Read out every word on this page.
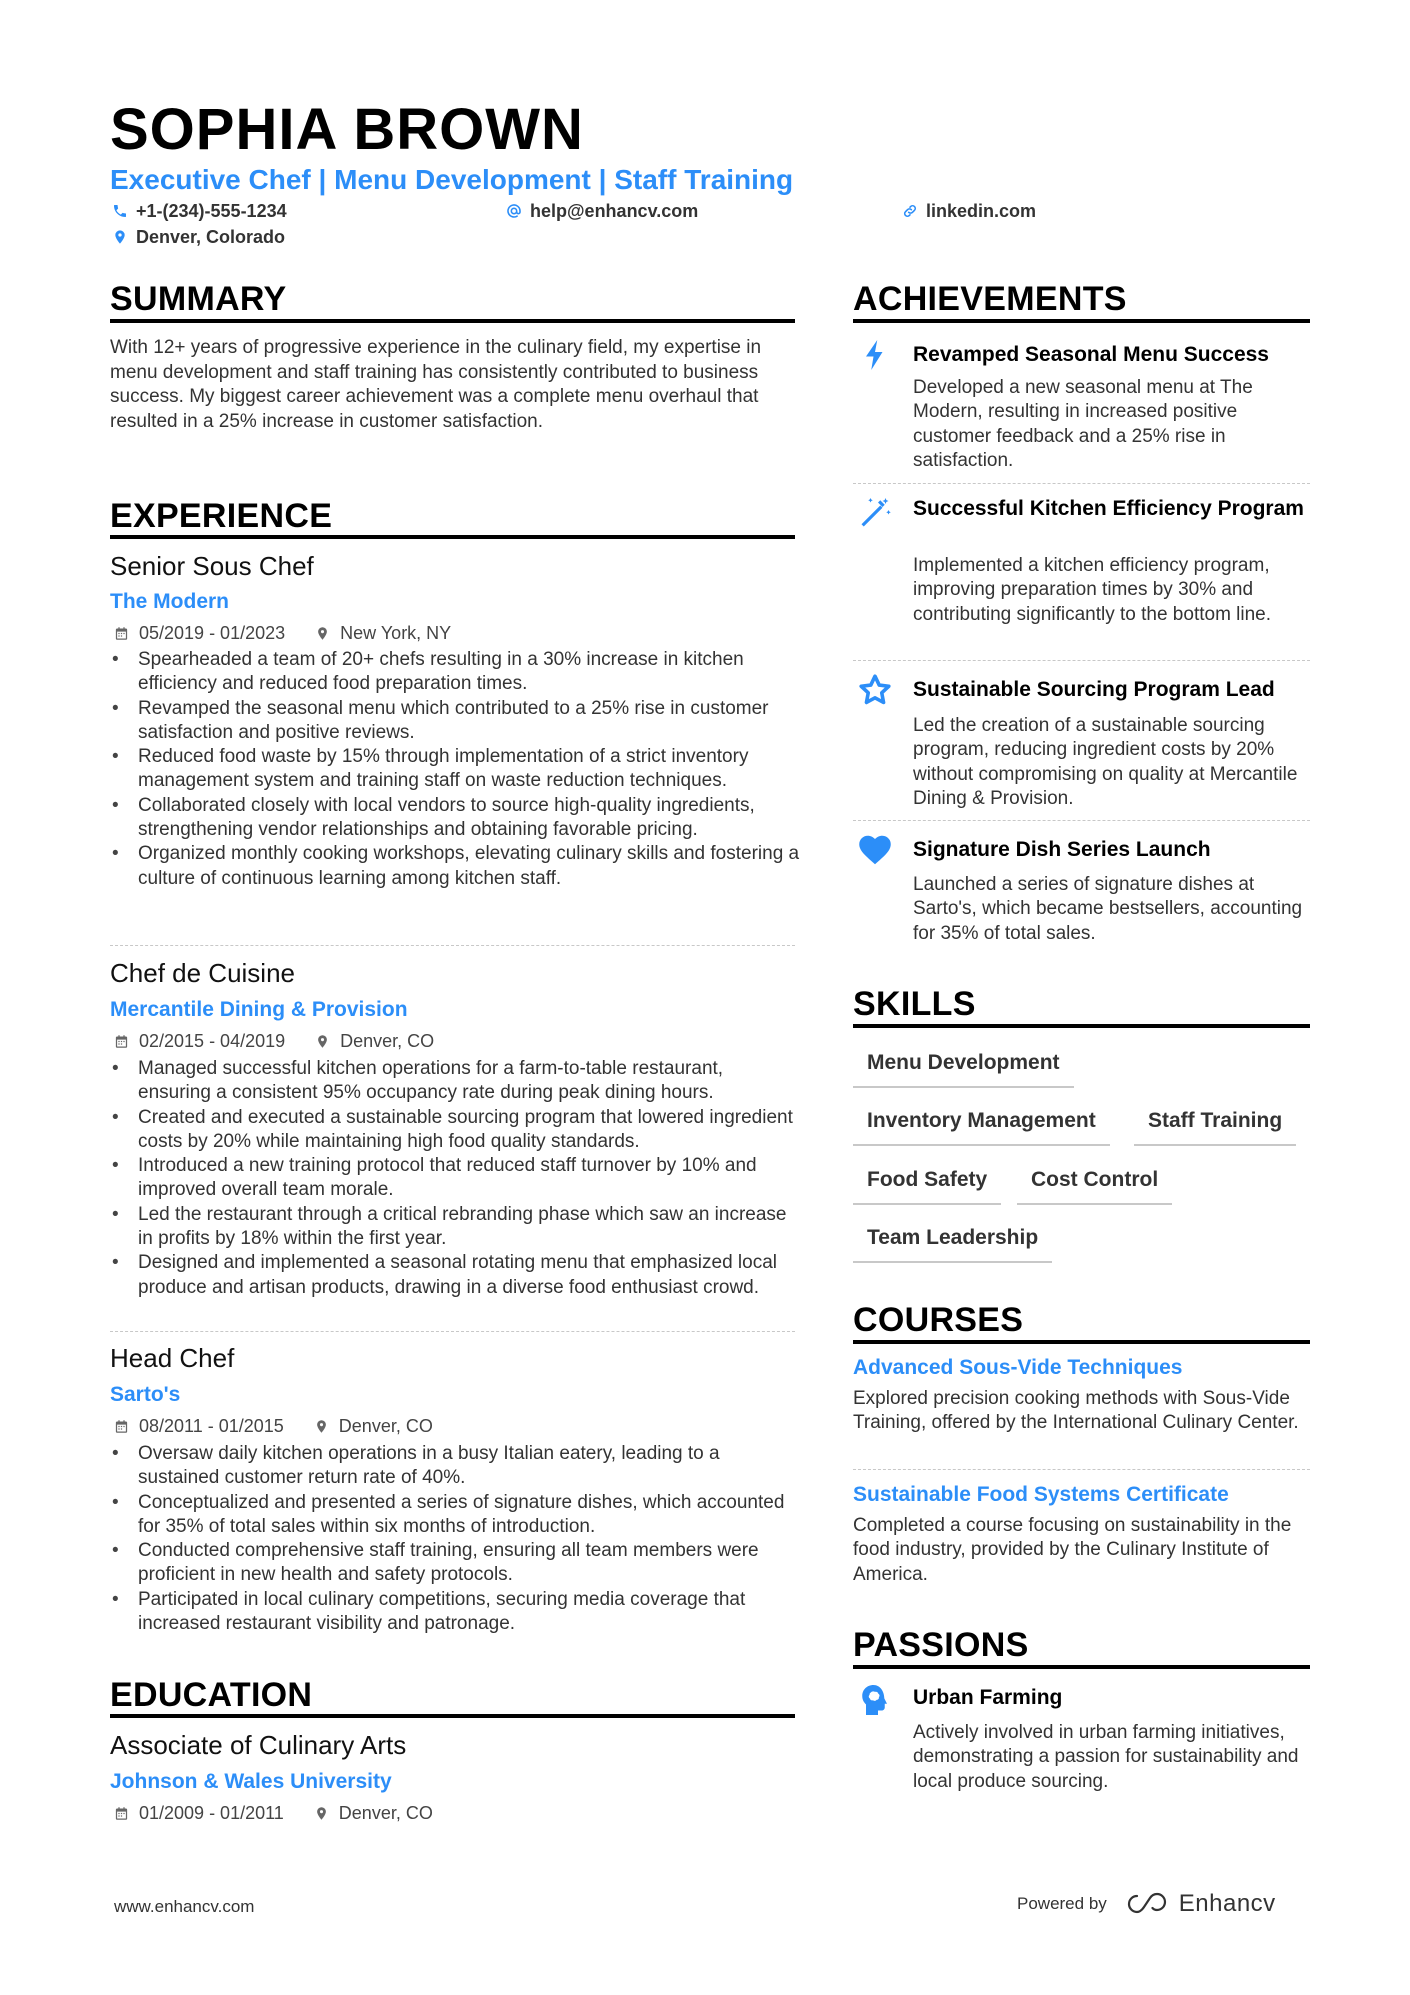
SOPHIA BROWN
Executive Chef | Menu Development | Staff Training
+1-(234)-555-1234	help@enhancv.com	linkedin.com
Denver, Colorado
SUMMARY
With 12+ years of progressive experience in the culinary field, my expertise in menu development and staff training has consistently contributed to business success. My biggest career achievement was a complete menu overhaul that resulted in a 25% increase in customer satisfaction.
EXPERIENCE
Senior Sous Chef
The Modern
05/2019 - 01/2023	New York, NY
• Spearheaded a team of 20+ chefs resulting in a 30% increase in kitchen efficiency and reduced food preparation times.
• Revamped the seasonal menu which contributed to a 25% rise in customer satisfaction and positive reviews.
• Reduced food waste by 15% through implementation of a strict inventory management system and training staff on waste reduction techniques.
• Collaborated closely with local vendors to source high-quality ingredients, strengthening vendor relationships and obtaining favorable pricing.
• Organized monthly cooking workshops, elevating culinary skills and fostering a culture of continuous learning among kitchen staff.
Chef de Cuisine
Mercantile Dining & Provision
02/2015 - 04/2019	Denver, CO
• Managed successful kitchen operations for a farm-to-table restaurant, ensuring a consistent 95% occupancy rate during peak dining hours.
• Created and executed a sustainable sourcing program that lowered ingredient costs by 20% while maintaining high food quality standards.
• Introduced a new training protocol that reduced staff turnover by 10% and improved overall team morale.
• Led the restaurant through a critical rebranding phase which saw an increase in profits by 18% within the first year.
• Designed and implemented a seasonal rotating menu that emphasized local produce and artisan products, drawing in a diverse food enthusiast crowd.
Head Chef
Sarto's
08/2011 - 01/2015	Denver, CO
• Oversaw daily kitchen operations in a busy Italian eatery, leading to a sustained customer return rate of 40%.
• Conceptualized and presented a series of signature dishes, which accounted for 35% of total sales within six months of introduction.
• Conducted comprehensive staff training, ensuring all team members were proficient in new health and safety protocols.
• Participated in local culinary competitions, securing media coverage that increased restaurant visibility and patronage.
EDUCATION
Associate of Culinary Arts
Johnson & Wales University
01/2009 - 01/2011	Denver, CO
ACHIEVEMENTS
Revamped Seasonal Menu Success
Developed a new seasonal menu at The Modern, resulting in increased positive customer feedback and a 25% rise in satisfaction.
Successful Kitchen Efficiency Program
Implemented a kitchen efficiency program, improving preparation times by 30% and contributing significantly to the bottom line.
Sustainable Sourcing Program Lead
Led the creation of a sustainable sourcing program, reducing ingredient costs by 20% without compromising on quality at Mercantile Dining & Provision.
Signature Dish Series Launch
Launched a series of signature dishes at Sarto's, which became bestsellers, accounting for 35% of total sales.
SKILLS
Menu Development
Inventory Management	Staff Training
Food Safety	Cost Control
Team Leadership
COURSES
Advanced Sous-Vide Techniques
Explored precision cooking methods with Sous-Vide Training, offered by the International Culinary Center.
Sustainable Food Systems Certificate
Completed a course focusing on sustainability in the food industry, provided by the Culinary Institute of America.
PASSIONS
Urban Farming
Actively involved in urban farming initiatives, demonstrating a passion for sustainability and local produce sourcing.
www.enhancv.com	Powered by	Enhancv
